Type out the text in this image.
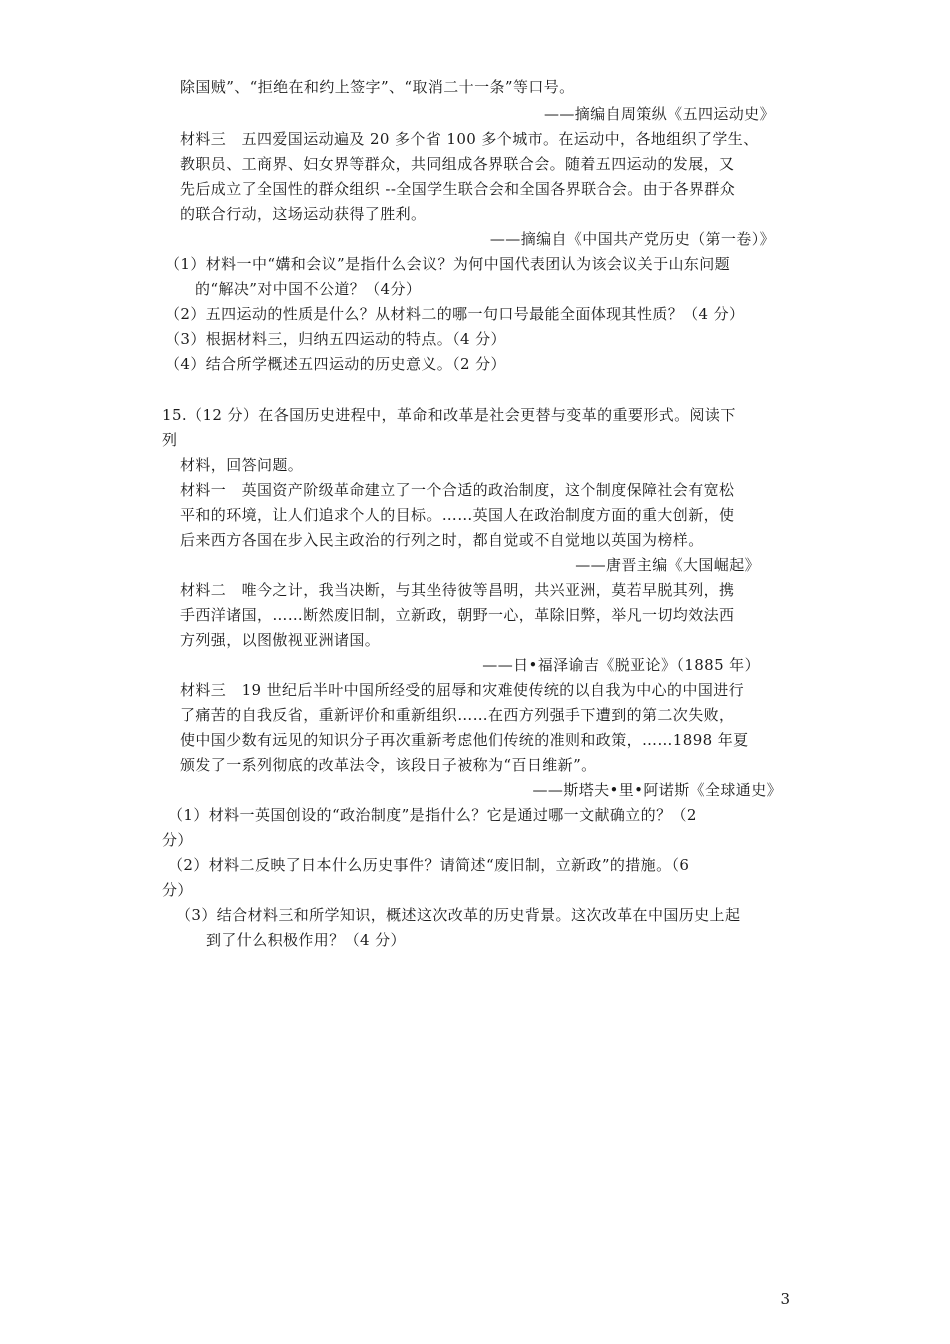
除国贼”、“拒绝在和约上签字”、“取消二十一条”等口号。
——摘编自周策纵《五四运动史》
材料三　五四爱国运动遍及 20 多个省 100 多个城市。在运动中，各地组织了学生、
教职员、工商界、妇女界等群众，共同组成各界联合会。随着五四运动的发展，又
先后成立了全国性的群众组织 --全国学生联合会和全国各界联合会。由于各界群众
的联合行动，这场运动获得了胜利。
——摘编自《中国共产党历史（第一卷）》
（1）材料一中“媾和会议”是指什么会议？为何中国代表团认为该会议关于山东问题
的“解决”对中国不公道？（4分）
（2）五四运动的性质是什么？从材料二的哪一句口号最能全面体现其性质？（4 分）
（3）根据材料三，归纳五四运动的特点。（4 分）
（4）结合所学概述五四运动的历史意义。（2 分）
15.（12 分）在各国历史进程中，革命和改革是社会更替与变革的重要形式。阅读下
列
材料，回答问题。
材料一　英国资产阶级革命建立了一个合适的政治制度，这个制度保障社会有宽松
平和的环境，让人们追求个人的目标。……英国人在政治制度方面的重大创新，使
后来西方各国在步入民主政治的行列之时，都自觉或不自觉地以英国为榜样。
——唐晋主编《大国崛起》
材料二　唯今之计，我当决断，与其坐待彼等昌明，共兴亚洲，莫若早脱其列，携
手西洋诸国，……断然废旧制，立新政，朝野一心，革除旧弊，举凡一切均效法西
方列强，以图傲视亚洲诸国。
——日•福泽谕吉《脱亚论》（1885 年）
材料三　19 世纪后半叶中国所经受的屈辱和灾难使传统的以自我为中心的中国进行
了痛苦的自我反省，重新评价和重新组织……在西方列强手下遭到的第二次失败，
使中国少数有远见的知识分子再次重新考虑他们传统的准则和政策，……1898 年夏
颁发了一系列彻底的改革法令，该段日子被称为“百日维新”。
——斯塔夫•里•阿诺斯《全球通史》
（1）材料一英国创设的“政治制度”是指什么？它是通过哪一文献确立的？（2
分）
（2）材料二反映了日本什么历史事件？请简述“废旧制，立新政”的措施。（6
分）
（3）结合材料三和所学知识，概述这次改革的历史背景。这次改革在中国历史上起
到了什么积极作用？（4 分）
3
